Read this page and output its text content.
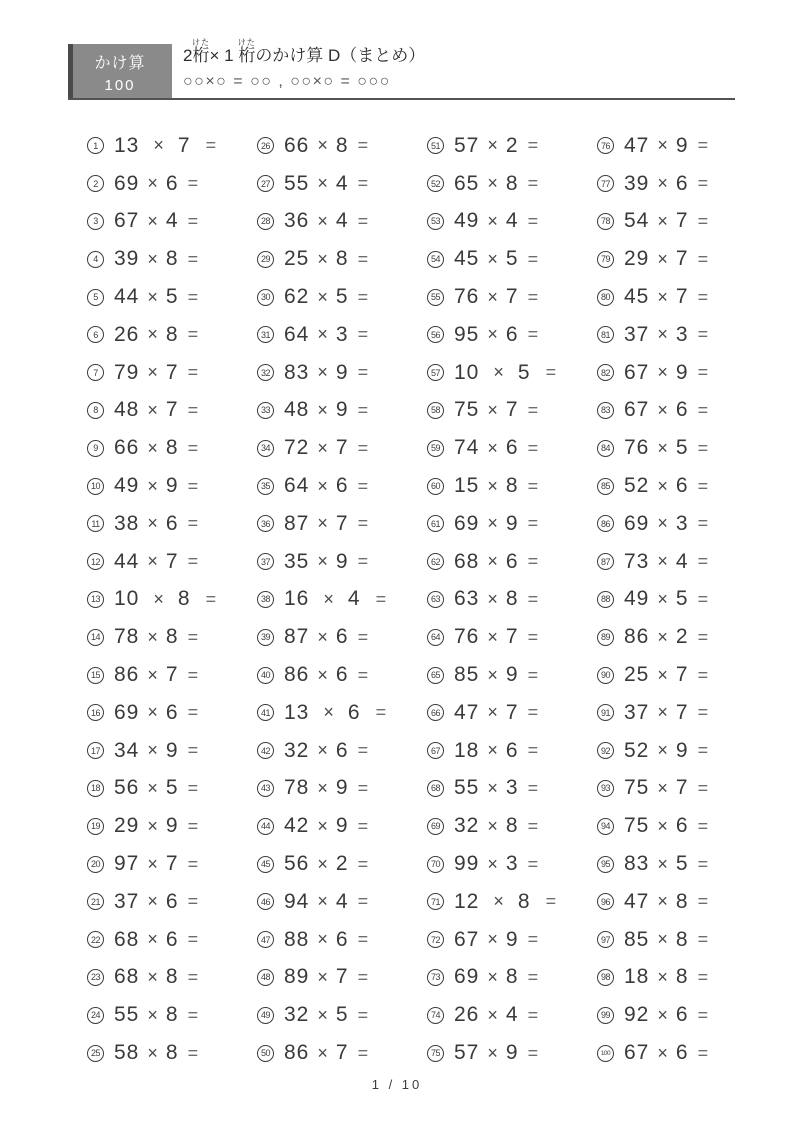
かけ算
100
2桁けた× 1 桁けたのかけ算 D（まとめ）
○○×○ = ○○ , ○○×○ = ○○○
1 13 × 7 =
2 69 × 6 =
3 67 × 4 =
4 39 × 8 =
5 44 × 5 =
6 26 × 8 =
7 79 × 7 =
8 48 × 7 =
9 66 × 8 =
10 49 × 9 =
11 38 × 6 =
12 44 × 7 =
13 10 × 8 =
14 78 × 8 =
15 86 × 7 =
16 69 × 6 =
17 34 × 9 =
18 56 × 5 =
19 29 × 9 =
20 97 × 7 =
21 37 × 6 =
22 68 × 6 =
23 68 × 8 =
24 55 × 8 =
25 58 × 8 =
26 66 × 8 =
27 55 × 4 =
28 36 × 4 =
29 25 × 8 =
30 62 × 5 =
31 64 × 3 =
32 83 × 9 =
33 48 × 9 =
34 72 × 7 =
35 64 × 6 =
36 87 × 7 =
37 35 × 9 =
38 16 × 4 =
39 87 × 6 =
40 86 × 6 =
41 13 × 6 =
42 32 × 6 =
43 78 × 9 =
44 42 × 9 =
45 56 × 2 =
46 94 × 4 =
47 88 × 6 =
48 89 × 7 =
49 32 × 5 =
50 86 × 7 =
51 57 × 2 =
52 65 × 8 =
53 49 × 4 =
54 45 × 5 =
55 76 × 7 =
56 95 × 6 =
57 10 × 5 =
58 75 × 7 =
59 74 × 6 =
60 15 × 8 =
61 69 × 9 =
62 68 × 6 =
63 63 × 8 =
64 76 × 7 =
65 85 × 9 =
66 47 × 7 =
67 18 × 6 =
68 55 × 3 =
69 32 × 8 =
70 99 × 3 =
71 12 × 8 =
72 67 × 9 =
73 69 × 8 =
74 26 × 4 =
75 57 × 9 =
76 47 × 9 =
77 39 × 6 =
78 54 × 7 =
79 29 × 7 =
80 45 × 7 =
81 37 × 3 =
82 67 × 9 =
83 67 × 6 =
84 76 × 5 =
85 52 × 6 =
86 69 × 3 =
87 73 × 4 =
88 49 × 5 =
89 86 × 2 =
90 25 × 7 =
91 37 × 7 =
92 52 × 9 =
93 75 × 7 =
94 75 × 6 =
95 83 × 5 =
96 47 × 8 =
97 85 × 8 =
98 18 × 8 =
99 92 × 6 =
100 67 × 6 =
1 / 10
